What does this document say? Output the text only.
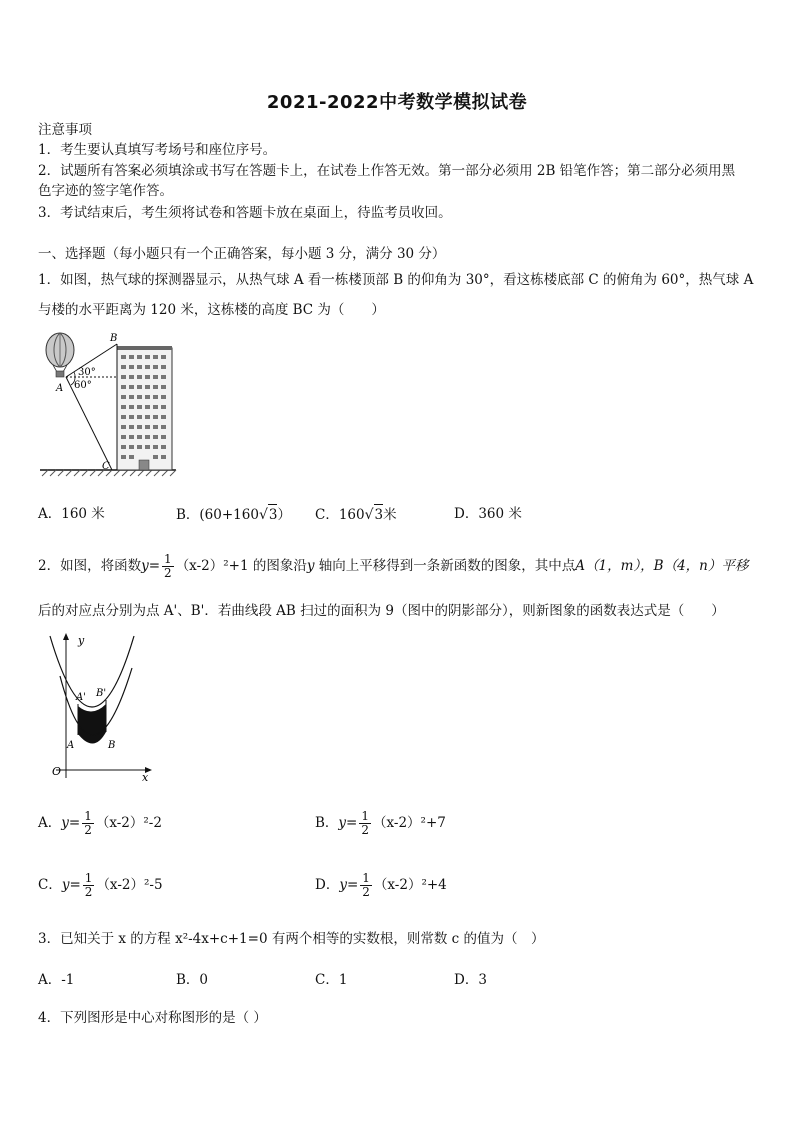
2021-2022中考数学模拟试卷
注意事项
1．考生要认真填写考场号和座位序号。
2．试题所有答案必须填涂或书写在答题卡上，在试卷上作答无效。第一部分必须用 2B 铅笔作答；第二部分必须用黑
色字迹的签字笔作答。
3．考试结束后，考生须将试卷和答题卡放在桌面上，待监考员收回。
一、选择题（每小题只有一个正确答案，每小题 3 分，满分 30 分）
1．如图，热气球的探测器显示，从热气球 A 看一栋楼顶部 B 的仰角为 30°，看这栋楼底部 C 的俯角为 60°，热气球 A
与楼的水平距离为 120 米，这栋楼的高度 BC 为（　　）
B
A
C
30°
60°
A．160 米	B．(60+160√3） C．160√3米	D．360 米
2．如图，将函数$y= \frac{1}{2} (x-2)^2+1$ 的图象沿y 轴向上平移得到一条新函数的图象，其中点A（1，m），B（4，n）平移
后的对应点分别为点 A'、B'．若曲线段 AB 扫过的面积为 9（图中的阴影部分），则新图象的函数表达式是（　　）
y
x
O
A' B'
A	B
A．$y= \frac{1}{2} (x-2)^2-2$	B．$y= \frac{1}{2} (x-2)^2+7$
C．$y= \frac{1}{2} (x-2)^2-5$	D．$y= \frac{1}{2} (x-2)^2+4$
3．已知关于 x 的方程 x²-4x+c+1=0 有两个相等的实数根，则常数 c 的值为（　）
A．-1	B．0	C．1	D．3
4．下列图形是中心对称图形的是（ ）
